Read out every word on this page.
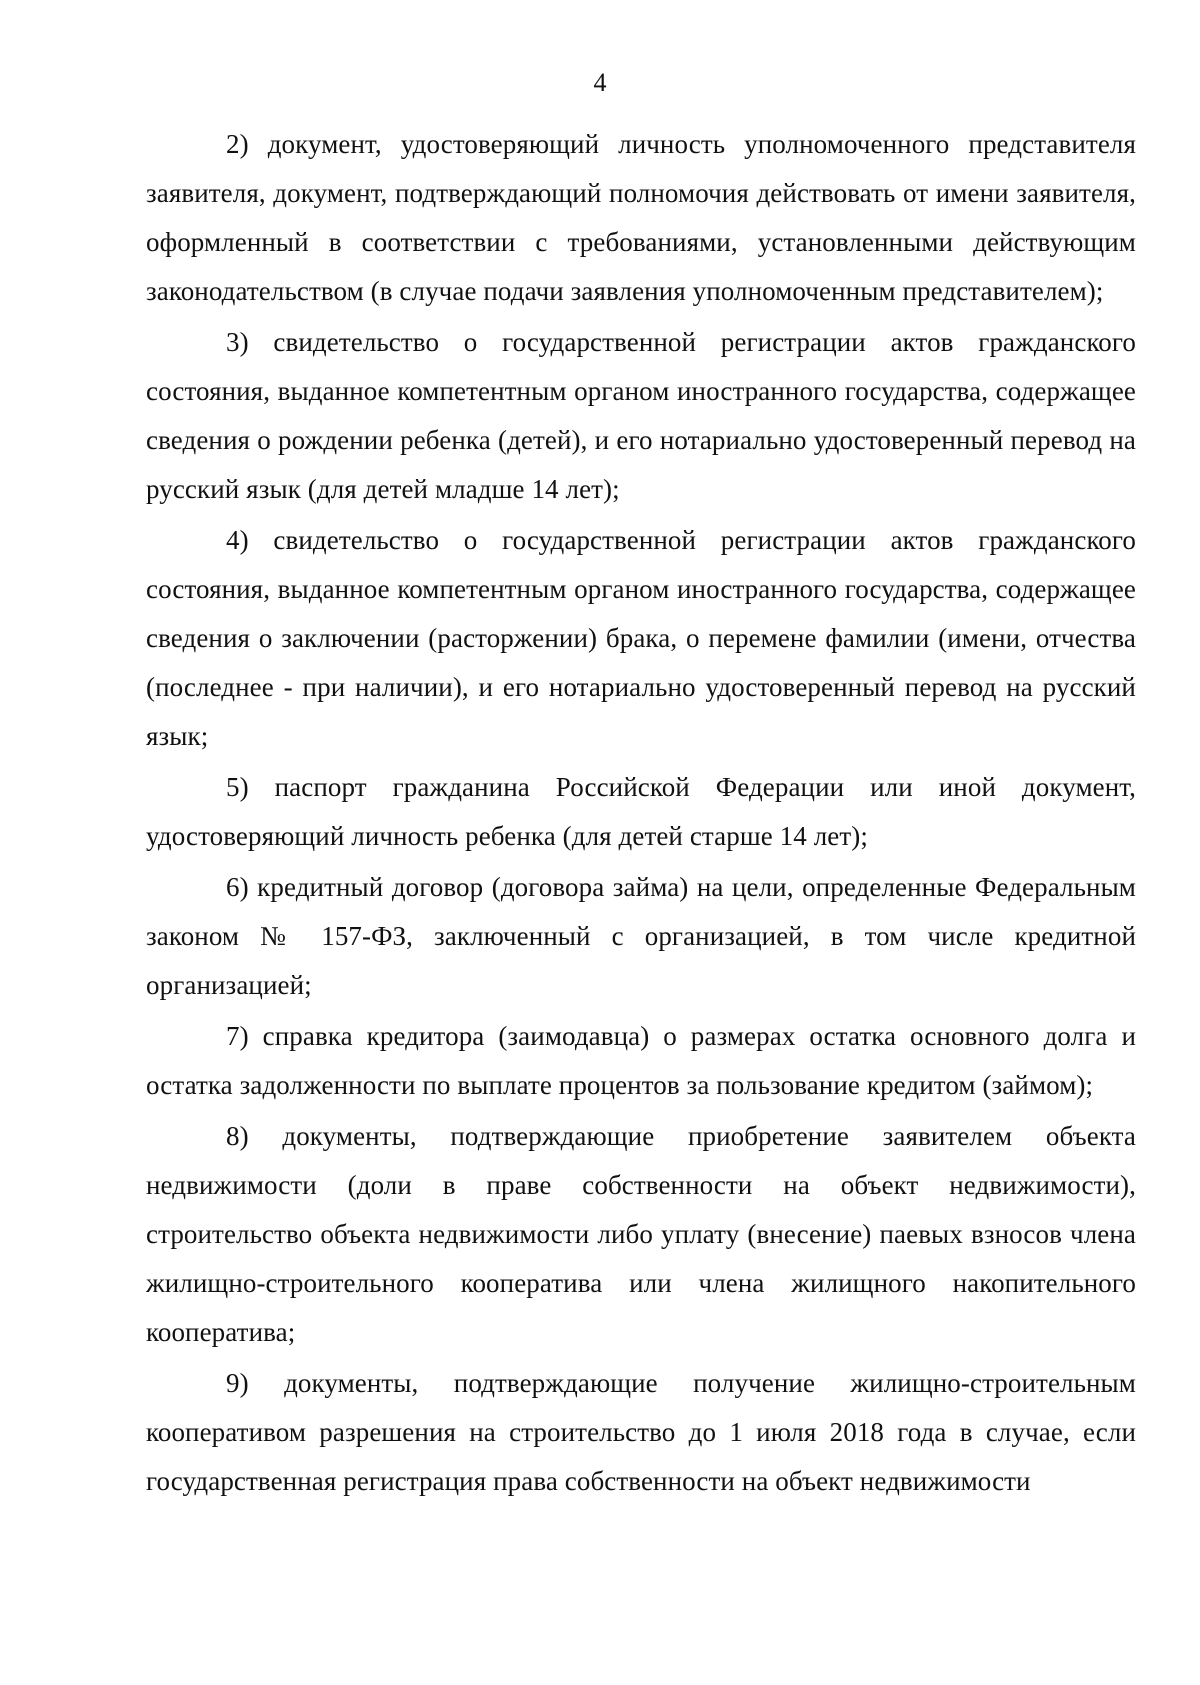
4

2) документ, удостоверяющий личность уполномоченного представителя заявителя, документ, подтверждающий полномочия действовать от имени заявителя, оформленный в соответствии с требованиями, установленными действующим законодательством (в случае подачи заявления уполномоченным представителем);

3) свидетельство о государственной регистрации актов гражданского состояния, выданное компетентным органом иностранного государства, содержащее сведения о рождении ребенка (детей), и его нотариально удостоверенный перевод на русский язык (для детей младше 14 лет);

4) свидетельство о государственной регистрации актов гражданского состояния, выданное компетентным органом иностранного государства, содержащее сведения о заключении (расторжении) брака, о перемене фамилии (имени, отчества (последнее - при наличии), и его нотариально удостоверенный перевод на русский язык;

5) паспорт гражданина Российской Федерации или иной документ, удостоверяющий личность ребенка (для детей старше 14 лет);

6) кредитный договор (договора займа) на цели, определенные Федеральным законом № 157-ФЗ, заключенный с организацией, в том числе кредитной организацией;

7) справка кредитора (заимодавца) о размерах остатка основного долга и остатка задолженности по выплате процентов за пользование кредитом (займом);

8) документы, подтверждающие приобретение заявителем объекта недвижимости (доли в праве собственности на объект недвижимости), строительство объекта недвижимости либо уплату (внесение) паевых взносов члена жилищно-строительного кооператива или члена жилищного накопительного кооператива;

9) документы, подтверждающие получение жилищно-строительным кооперативом разрешения на строительство до 1 июля 2018 года в случае, если государственная регистрация права собственности на объект недвижимости
